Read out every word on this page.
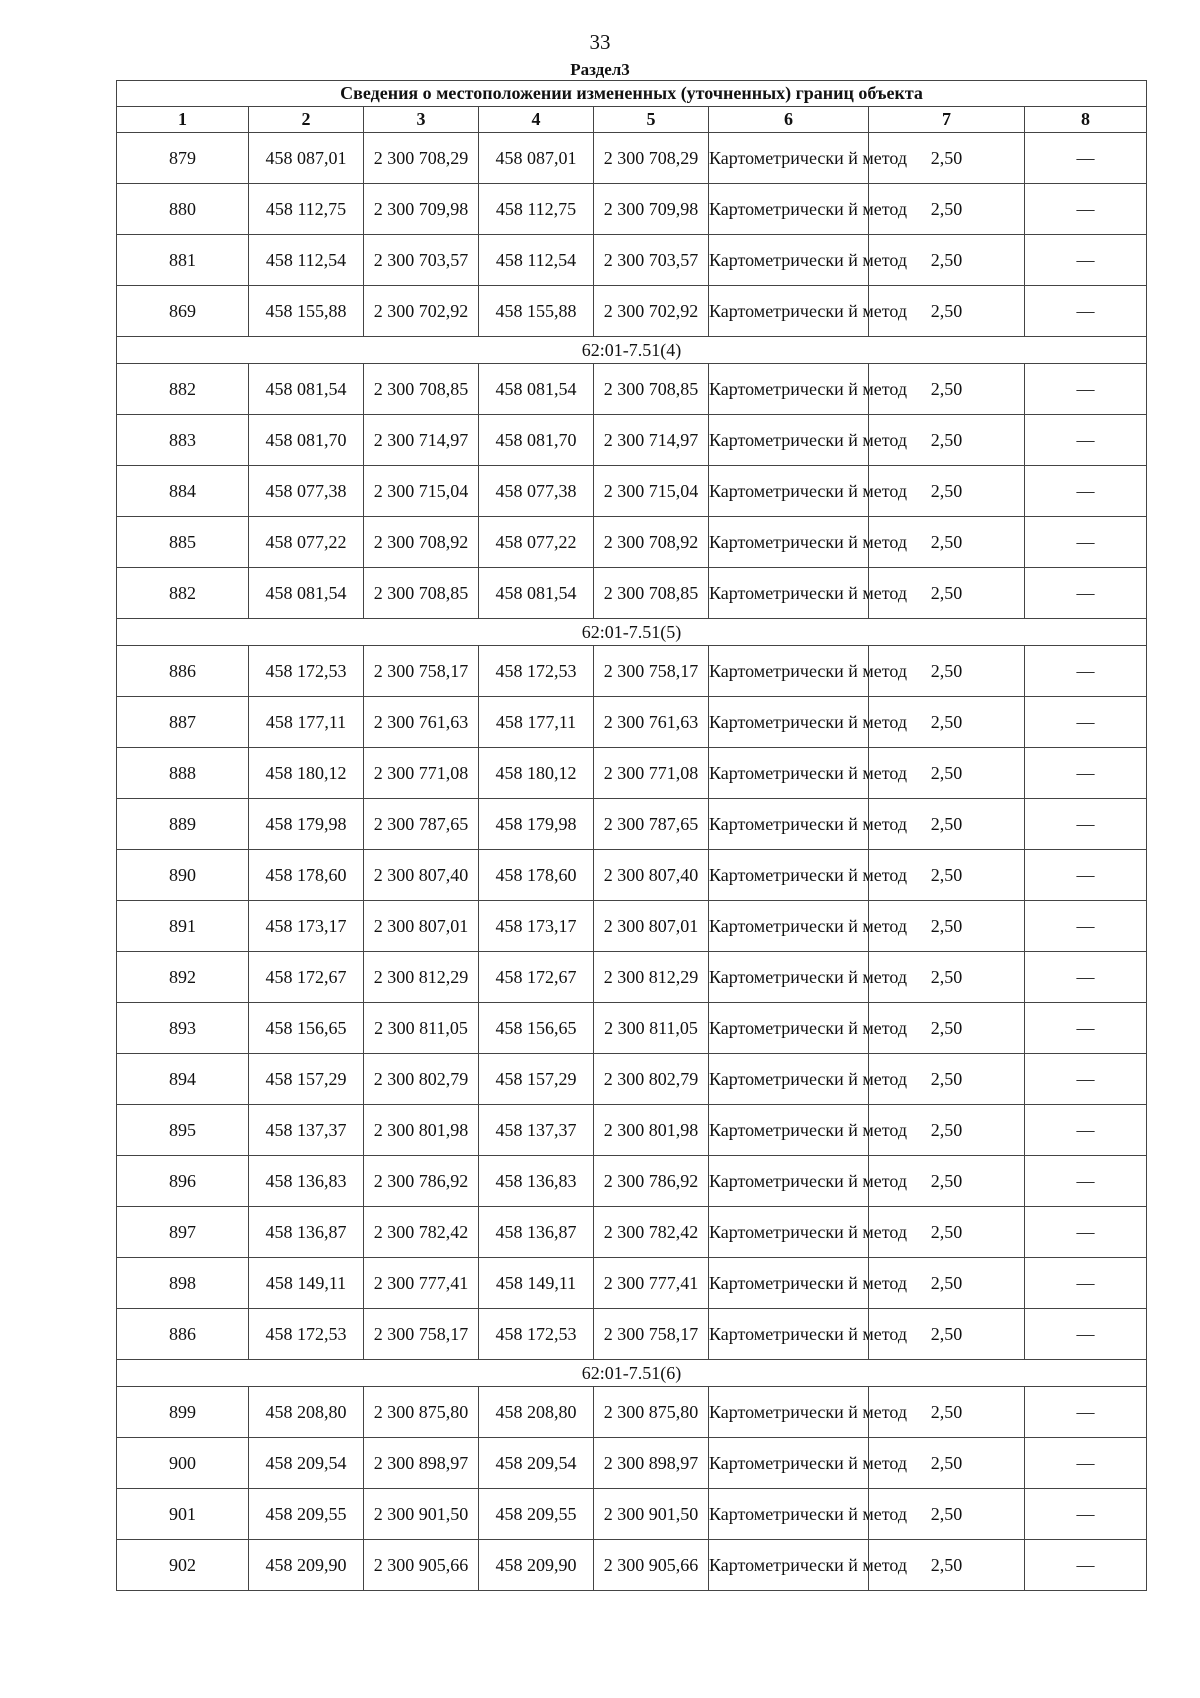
33
Раздел3
Сведения о местоположении измененных (уточненных) границ объекта							
1	2	3	4	5	6	7	8
879	458 087,01	2 300 708,29	458 087,01	2 300 708,29	Картометрически й метод	2,50	—
880	458 112,75	2 300 709,98	458 112,75	2 300 709,98	Картометрически й метод	2,50	—
881	458 112,54	2 300 703,57	458 112,54	2 300 703,57	Картометрически й метод	2,50	—
869	458 155,88	2 300 702,92	458 155,88	2 300 702,92	Картометрически й метод	2,50	—
62:01-7.51(4)							
882	458 081,54	2 300 708,85	458 081,54	2 300 708,85	Картометрически й метод	2,50	—
883	458 081,70	2 300 714,97	458 081,70	2 300 714,97	Картометрически й метод	2,50	—
884	458 077,38	2 300 715,04	458 077,38	2 300 715,04	Картометрически й метод	2,50	—
885	458 077,22	2 300 708,92	458 077,22	2 300 708,92	Картометрически й метод	2,50	—
882	458 081,54	2 300 708,85	458 081,54	2 300 708,85	Картометрически й метод	2,50	—
62:01-7.51(5)							
886	458 172,53	2 300 758,17	458 172,53	2 300 758,17	Картометрически й метод	2,50	—
887	458 177,11	2 300 761,63	458 177,11	2 300 761,63	Картометрически й метод	2,50	—
888	458 180,12	2 300 771,08	458 180,12	2 300 771,08	Картометрически й метод	2,50	—
889	458 179,98	2 300 787,65	458 179,98	2 300 787,65	Картометрически й метод	2,50	—
890	458 178,60	2 300 807,40	458 178,60	2 300 807,40	Картометрически й метод	2,50	—
891	458 173,17	2 300 807,01	458 173,17	2 300 807,01	Картометрически й метод	2,50	—
892	458 172,67	2 300 812,29	458 172,67	2 300 812,29	Картометрически й метод	2,50	—
893	458 156,65	2 300 811,05	458 156,65	2 300 811,05	Картометрически й метод	2,50	—
894	458 157,29	2 300 802,79	458 157,29	2 300 802,79	Картометрически й метод	2,50	—
895	458 137,37	2 300 801,98	458 137,37	2 300 801,98	Картометрически й метод	2,50	—
896	458 136,83	2 300 786,92	458 136,83	2 300 786,92	Картометрически й метод	2,50	—
897	458 136,87	2 300 782,42	458 136,87	2 300 782,42	Картометрически й метод	2,50	—
898	458 149,11	2 300 777,41	458 149,11	2 300 777,41	Картометрически й метод	2,50	—
886	458 172,53	2 300 758,17	458 172,53	2 300 758,17	Картометрически й метод	2,50	—
62:01-7.51(6)							
899	458 208,80	2 300 875,80	458 208,80	2 300 875,80	Картометрически й метод	2,50	—
900	458 209,54	2 300 898,97	458 209,54	2 300 898,97	Картометрически й метод	2,50	—
901	458 209,55	2 300 901,50	458 209,55	2 300 901,50	Картометрически й метод	2,50	—
902	458 209,90	2 300 905,66	458 209,90	2 300 905,66	Картометрически й метод	2,50	—
